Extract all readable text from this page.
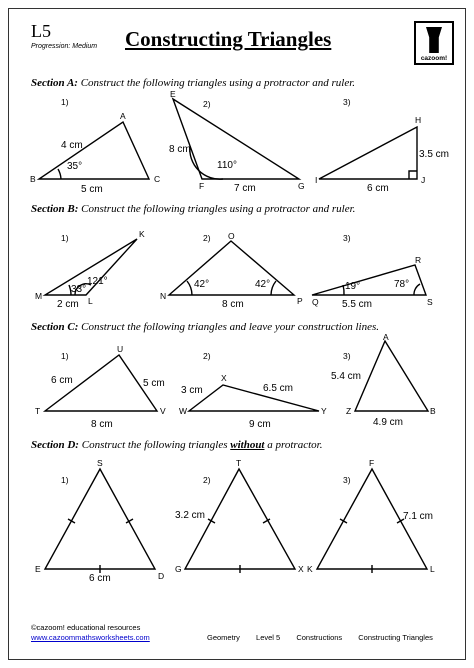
L5
Progression: Medium Constructing Triangles
cazoom!
Section A: Construct the following triangles using a protractor and ruler.
Section B: Construct the following triangles using a protractor and ruler.
Section C: Construct the following triangles and leave your construction lines.
Section D: Construct the following triangles without a protractor.
1)
A
B	C
4 cm
5 cm
35°
2)
E
F	G
8 cm
7 cm
110°
3)
H
I	J
3.5 cm
6 cm
1)	K
M	L
2 cm
33°
121°
2) O
N	P
8 cm
42°	42°
3)
R
Q	S
5.5 cm
19°	78°
1)
U
T	V
6 cm	5 cm
8 cm
2)
X
W	Y
3 cm	6.5 cm
9 cm
3)
A
Z	B
5.4 cm
4.9 cm
1)
S
E
D
6 cm
2)
T
G	X
3.2 cm
3)
F
K	L
7.1 cm
©cazoom! educational resources
www.cazoommathsworksheets.com	Geometry Level 5 Constructions Constructing Triangles
